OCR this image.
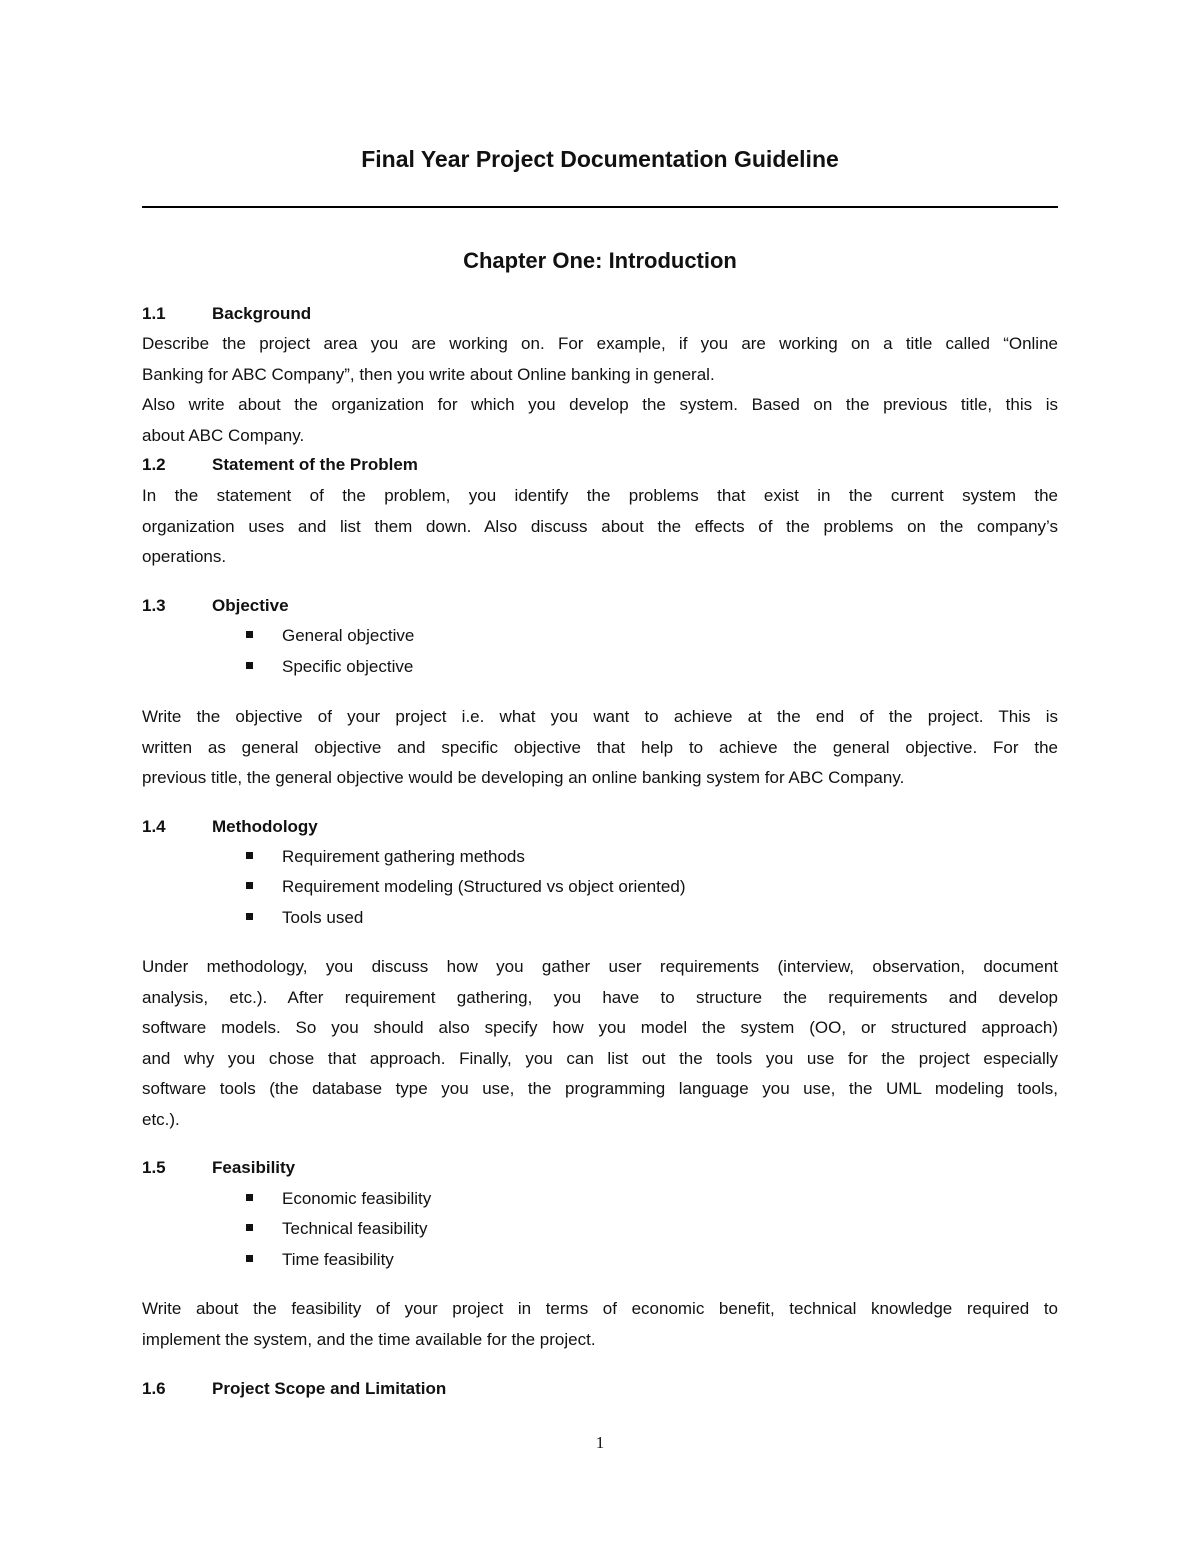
Final Year Project Documentation Guideline
Chapter One: Introduction
1.1	Background
Describe the project area you are working on. For example, if you are working on a title called “Online
Banking for ABC Company”, then you write about Online banking in general.
Also write about the organization for which you develop the system. Based on the previous title, this is
about ABC Company.
1.2	Statement of the Problem
In the statement of the problem, you identify the problems that exist in the current system the
organization uses and list them down. Also discuss about the effects of the problems on the company’s
operations.
1.3	Objective
General objective
Specific objective
Write the objective of your project i.e. what you want to achieve at the end of the project. This is
written as general objective and specific objective that help to achieve the general objective. For the
previous title, the general objective would be developing an online banking system for ABC Company.
1.4	Methodology
Requirement gathering methods
Requirement modeling (Structured vs object oriented)
Tools used
Under methodology, you discuss how you gather user requirements (interview, observation, document
analysis, etc.). After requirement gathering, you have to structure the requirements and develop
software models. So you should also specify how you model the system (OO, or structured approach)
and why you chose that approach. Finally, you can list out the tools you use for the project especially
software tools (the database type you use, the programming language you use, the UML modeling tools,
etc.).
1.5	Feasibility
Economic feasibility
Technical feasibility
Time feasibility
Write about the feasibility of your project in terms of economic benefit, technical knowledge required to
implement the system, and the time available for the project.
1.6	Project Scope and Limitation
1
